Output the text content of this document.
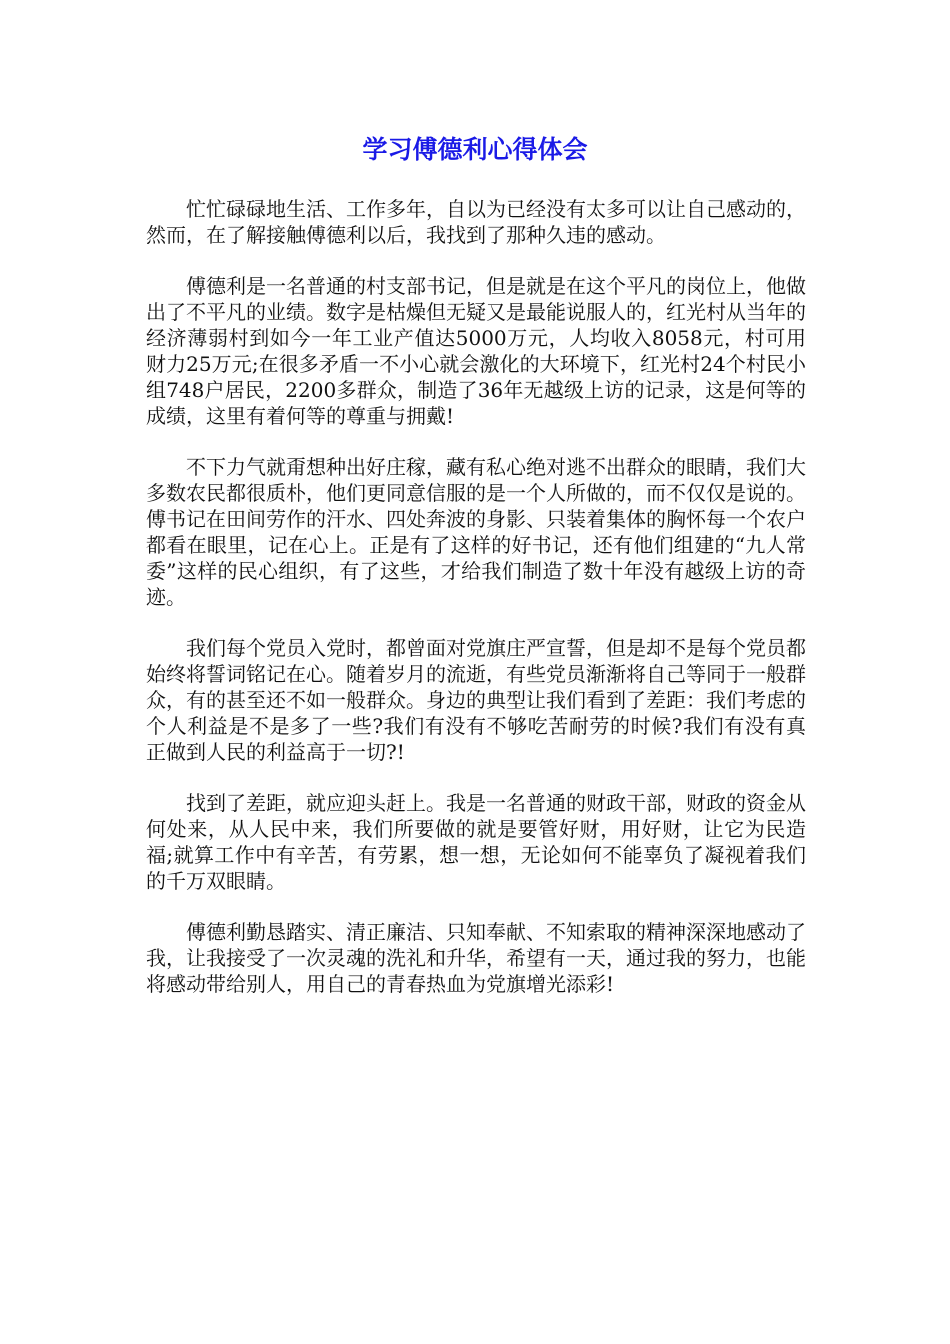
学习傅德利心得体会

忙忙碌碌地生活、工作多年，自以为已经没有太多可以让自己感动的，然而，在了解接触傅德利以后，我找到了那种久违的感动。

傅德利是一名普通的村支部书记，但是就是在这个平凡的岗位上，他做出了不平凡的业绩。数字是枯燥但无疑又是最能说服人的，红光村从当年的经济薄弱村到如今一年工业产值达5000万元，人均收入8058元，村可用财力25万元;在很多矛盾一不小心就会激化的大环境下，红光村24个村民小组748户居民，2200多群众，制造了36年无越级上访的记录，这是何等的成绩，这里有着何等的尊重与拥戴!

不下力气就甭想种出好庄稼，藏有私心绝对逃不出群众的眼睛，我们大多数农民都很质朴，他们更同意信服的是一个人所做的，而不仅仅是说的。傅书记在田间劳作的汗水、四处奔波的身影、只装着集体的胸怀每一个农户都看在眼里，记在心上。正是有了这样的好书记，还有他们组建的“九人常委”这样的民心组织，有了这些，才给我们制造了数十年没有越级上访的奇迹。

我们每个党员入党时，都曾面对党旗庄严宣誓，但是却不是每个党员都始终将誓词铭记在心。随着岁月的流逝，有些党员渐渐将自己等同于一般群众，有的甚至还不如一般群众。身边的典型让我们看到了差距：我们考虑的个人利益是不是多了一些?我们有没有不够吃苦耐劳的时候?我们有没有真正做到人民的利益高于一切?!

找到了差距，就应迎头赶上。我是一名普通的财政干部，财政的资金从何处来，从人民中来，我们所要做的就是要管好财，用好财，让它为民造福;就算工作中有辛苦，有劳累，想一想，无论如何不能辜负了凝视着我们的千万双眼睛。

傅德利勤恳踏实、清正廉洁、只知奉献、不知索取的精神深深地感动了我，让我接受了一次灵魂的洗礼和升华，希望有一天，通过我的努力，也能将感动带给别人，用自己的青春热血为党旗增光添彩!
